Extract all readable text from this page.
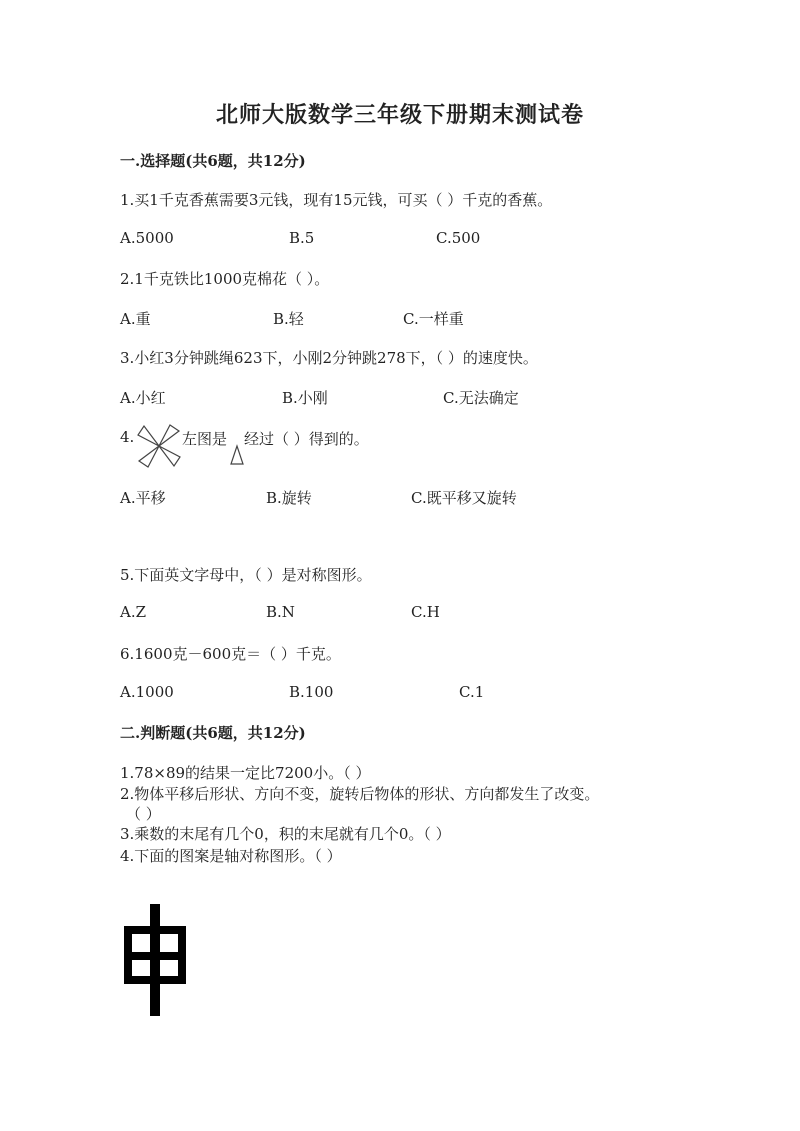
北师大版数学三年级下册期末测试卷
一.选择题(共6题，共12分)
1.买1千克香蕉需要3元钱，现有15元钱，可买（ ）千克的香蕉。
A.5000	B.5	C.500
2.1千克铁比1000克棉花（ ）。
A.重	B.轻	C.一样重
3.小红3分钟跳绳623下，小刚2分钟跳278下，（ ）的速度快。
A.小红	B.小刚	C.无法确定
4.	左图是 经过（ ）得到的。
A.平移	B.旋转	C.既平移又旋转
5.下面英文字母中，（ ）是对称图形。
A.Z	B.N	C.H
6.1600克－600克＝（ ）千克。
A.1000	B.100	C.1
二.判断题(共6题，共12分)
1.78×89的结果一定比7200小。（ ）
2.物体平移后形状、方向不变，旋转后物体的形状、方向都发生了改变。
（ ）
3.乘数的末尾有几个0，积的末尾就有几个0。（ ）
4.下面的图案是轴对称图形。（ ）
